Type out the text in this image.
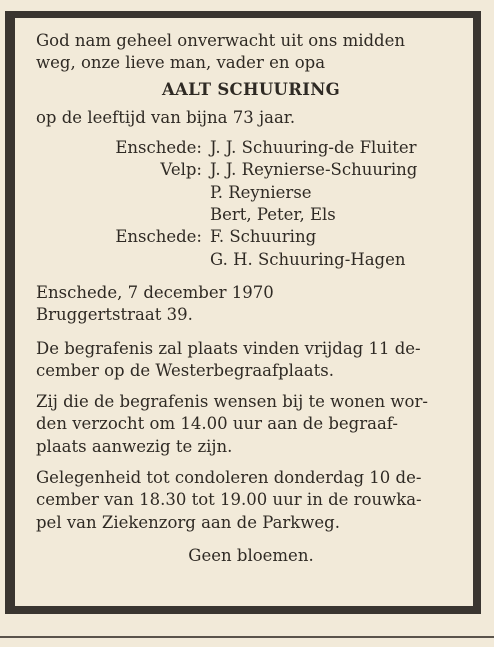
God nam geheel onverwacht uit ons midden
weg, onze lieve man, vader en opa
AALT SCHUURING
op de leeftijd van bijna 73 jaar.
Enschede: J. J. Schuuring-de Fluiter
Velp: J. J. Reynierse-Schuuring
P. Reynierse
Bert, Peter, Els
Enschede: F. Schuuring
G. H. Schuuring-Hagen
Enschede, 7 december 1970
Bruggertstraat 39.
De begrafenis zal plaats vinden vrijdag 11 de-
cember op de Westerbegraafplaats.
Zij die de begrafenis wensen bij te wonen wor-
den verzocht om 14.00 uur aan de begraaf-
plaats aanwezig te zijn.
Gelegenheid tot condoleren donderdag 10 de-
cember van 18.30 tot 19.00 uur in de rouwka-
pel van Ziekenzorg aan de Parkweg.
Geen bloemen.
